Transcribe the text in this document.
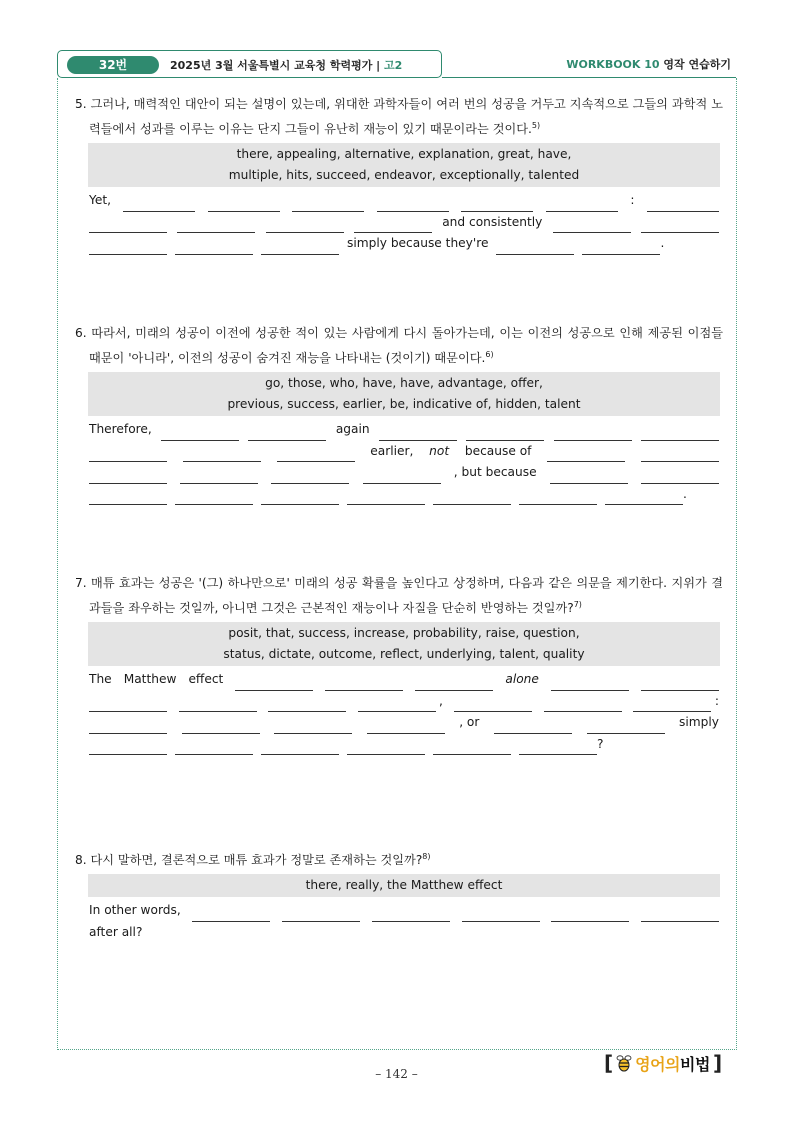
32번	2025년 3월 서울특별시 교육청 학력평가 | 고2	WORKBOOK 10 영작 연습하기

5. 그러나, 매력적인 대안이 되는 설명이 있는데, 위대한 과학자들이 여러 번의 성공을 거두고 지속적으로 그들의 과학적 노력들에서 성과를 이루는 이유는 단지 그들이 유난히 재능이 있기 때문이라는 것이다.$^{5)}$

there, appealing, alternative, explanation, great, have,
multiple, hits, succeed, endeavor, exceptionally, talented
Yet,	:
and consistently
simply because they're	.

6. 따라서, 미래의 성공이 이전에 성공한 적이 있는 사람에게 다시 돌아가는데, 이는 이전의 성공으로 인해 제공된 이점들 때문이 '아니라', 이전의 성공이 숨겨진 재능을 나타내는 (것이기) 때문이다.$^{6)}$

go, those, who, have, have, advantage, offer,
previous, success, earlier, be, indicative of, hidden, talent
Therefore,	again
earlier, not because of
, but because
.

7. 매튜 효과는 성공은 '(그) 하나만으로' 미래의 성공 확률을 높인다고 상정하며, 다음과 같은 의문을 제기한다. 지위가 결과들을 좌우하는 것일까, 아니면 그것은 근본적인 재능이나 자질을 단순히 반영하는 것일까?$^{7)}$

posit, that, success, increase, probability, raise, question,
status, dictate, outcome, reflect, underlying, talent, quality
The Matthew effect	alone
,	:
, or	simply
?

8. 다시 말하면, 결론적으로 매튜 효과가 정말로 존재하는 것일까?$^{8)}$

there, really, the Matthew effect
In other words,
after all?
– 142 –	[ 영어의비법 ]
